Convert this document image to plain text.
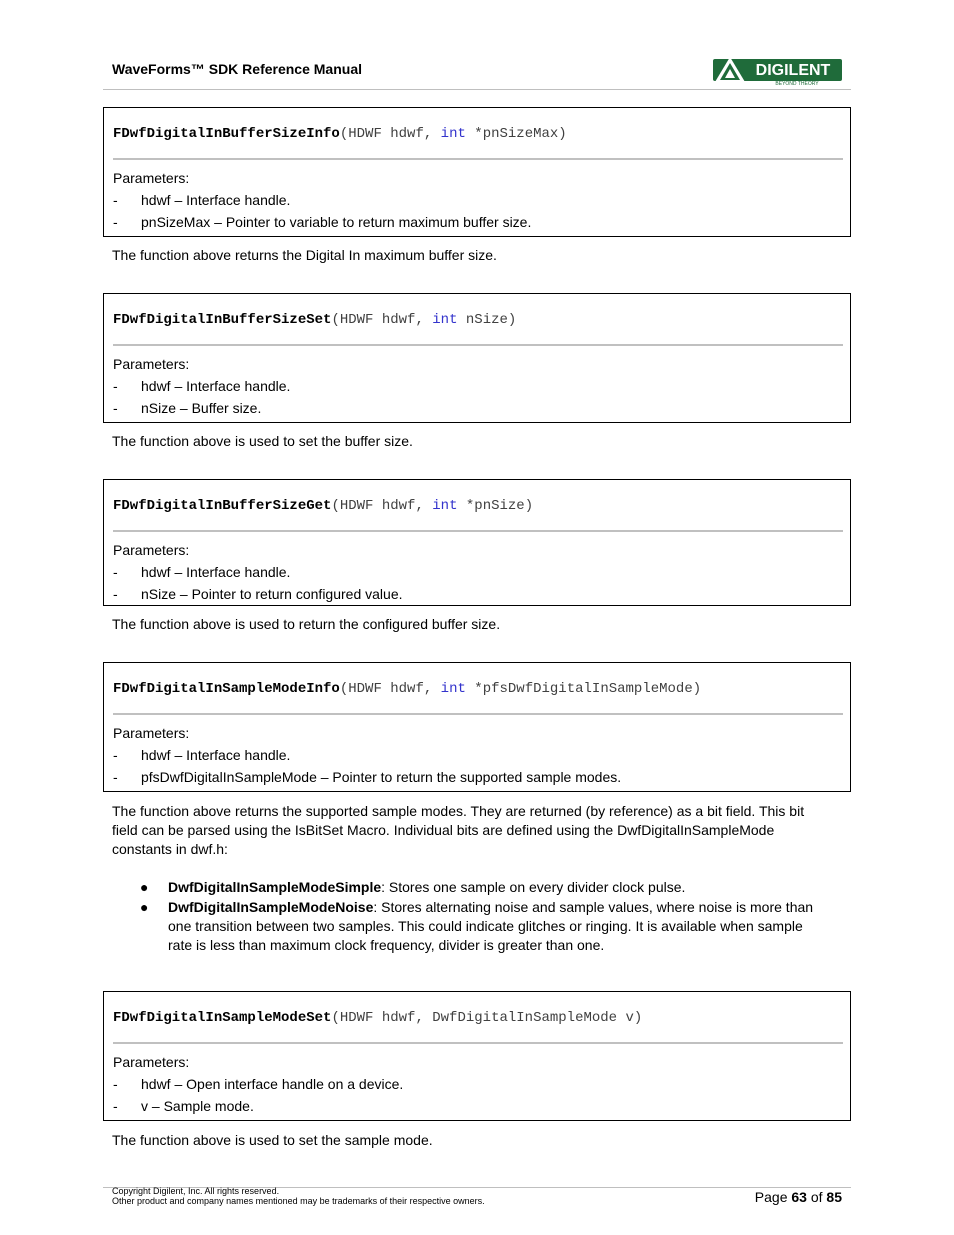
WaveForms™ SDK Reference Manual	DIGILENT
BEYOND THEORY
FDwfDigitalInBufferSizeInfo(HDWF hdwf, int *pnSizeMax)
Parameters:
- hdwf – Interface handle.
- pnSizeMax – Pointer to variable to return maximum buffer size.
The function above returns the Digital In maximum buffer size.
FDwfDigitalInBufferSizeSet(HDWF hdwf, int nSize)
Parameters:
- hdwf – Interface handle.
- nSize – Buffer size.
The function above is used to set the buffer size.
FDwfDigitalInBufferSizeGet(HDWF hdwf, int *pnSize)
Parameters:
- hdwf – Interface handle.
- nSize – Pointer to return configured value.
The function above is used to return the configured buffer size.
FDwfDigitalInSampleModeInfo(HDWF hdwf, int *pfsDwfDigitalInSampleMode)
Parameters:
- hdwf – Interface handle.
- pfsDwfDigitalInSampleMode – Pointer to return the supported sample modes.
The function above returns the supported sample modes. They are returned (by reference) as a bit field. This bit field can be parsed using the IsBitSet Macro. Individual bits are defined using the DwfDigitalInSampleMode constants in dwf.h:
● DwfDigitalInSampleModeSimple: Stores one sample on every divider clock pulse.
● DwfDigitalInSampleModeNoise: Stores alternating noise and sample values, where noise is more than one transition between two samples. This could indicate glitches or ringing. It is available when sample rate is less than maximum clock frequency, divider is greater than one.
FDwfDigitalInSampleModeSet(HDWF hdwf, DwfDigitalInSampleMode v)
Parameters:
- hdwf – Open interface handle on a device.
- v – Sample mode.
The function above is used to set the sample mode.
Copyright Digilent, Inc. All rights reserved.
Other product and company names mentioned may be trademarks of their respective owners.	Page 63 of 85
